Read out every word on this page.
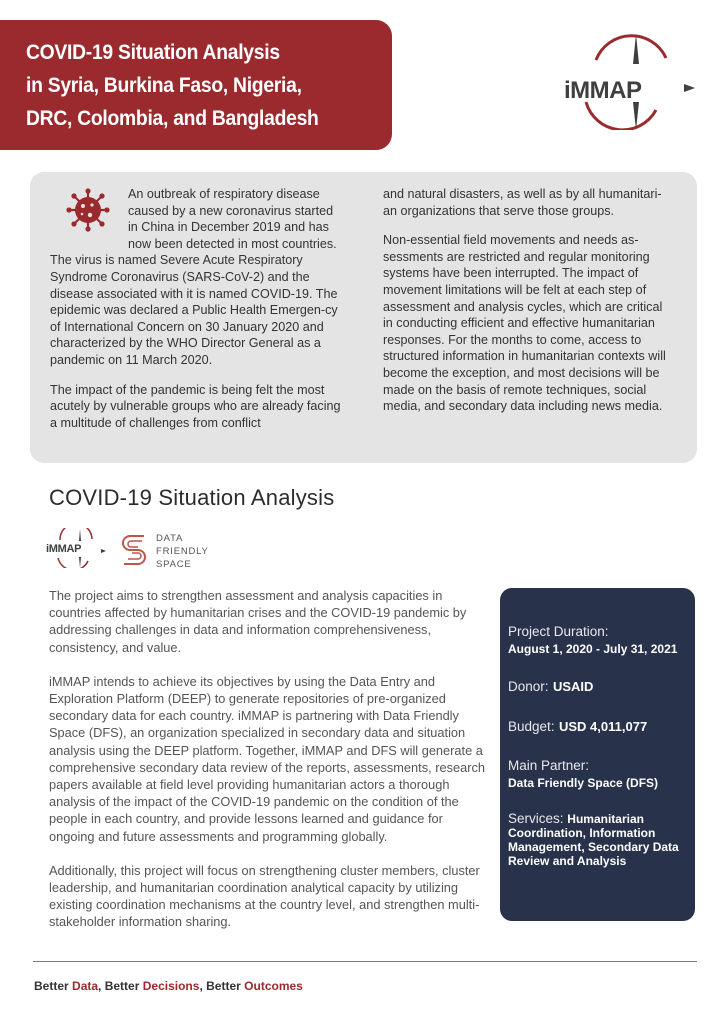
COVID-19 Situation Analysis
in Syria, Burkina Faso, Nigeria,
DRC, Colombia, and Bangladesh
iMMAP

An outbreak of respiratory disease caused by a new coronavirus started in China in December 2019 and has now been detected in most countries. The virus is named Severe Acute Respiratory Syndrome Coronavirus (SARS-CoV-2) and the disease associated with it is named COVID-19. The epidemic was declared a Public Health Emergen-cy of International Concern on 30 January 2020 and characterized by the WHO Director General as a pandemic on 11 March 2020.

The impact of the pandemic is being felt the most acutely by vulnerable groups who are already facing a multitude of challenges from conflict

and natural disasters, as well as by all humanitari-an organizations that serve those groups.

Non-essential field movements and needs as-sessments are restricted and regular monitoring systems have been interrupted. The impact of movement limitations will be felt at each step of assessment and analysis cycles, which are critical in conducting efficient and effective humanitarian responses. For the months to come, access to structured information in humanitarian contexts will become the exception, and most decisions will be made on the basis of remote techniques, social media, and secondary data including news media.

COVID-19 Situation Analysis
iMMAP
DATA
FRIENDLY
SPACE

The project aims to strengthen assessment and analysis capacities in countries affected by humanitarian crises and the COVID-19 pandemic by addressing challenges in data and information comprehensiveness, consistency, and value.

iMMAP intends to achieve its objectives by using the Data Entry and Exploration Platform (DEEP) to generate repositories of pre-organized secondary data for each country. iMMAP is partnering with Data Friendly Space (DFS), an organization specialized in secondary data and situation analysis using the DEEP platform. Together, iMMAP and DFS will generate a comprehensive secondary data review of the reports, assessments, research papers available at field level providing humanitarian actors a thorough analysis of the impact of the COVID-19 pandemic on the condition of the people in each country, and provide lessons learned and guidance for ongoing and future assessments and programming globally.

Additionally, this project will focus on strengthening cluster members, cluster leadership, and humanitarian coordination analytical capacity by utilizing existing coordination mechanisms at the country level, and strengthen multi-stakeholder information sharing.

Project Duration:
August 1, 2020 - July 31, 2021
Donor: USAID
Budget: USD 4,011,077
Main Partner:
Data Friendly Space (DFS)
Services: Humanitarian Coordination, Information Management, Secondary Data Review and Analysis
Better Data, Better Decisions, Better Outcomes
